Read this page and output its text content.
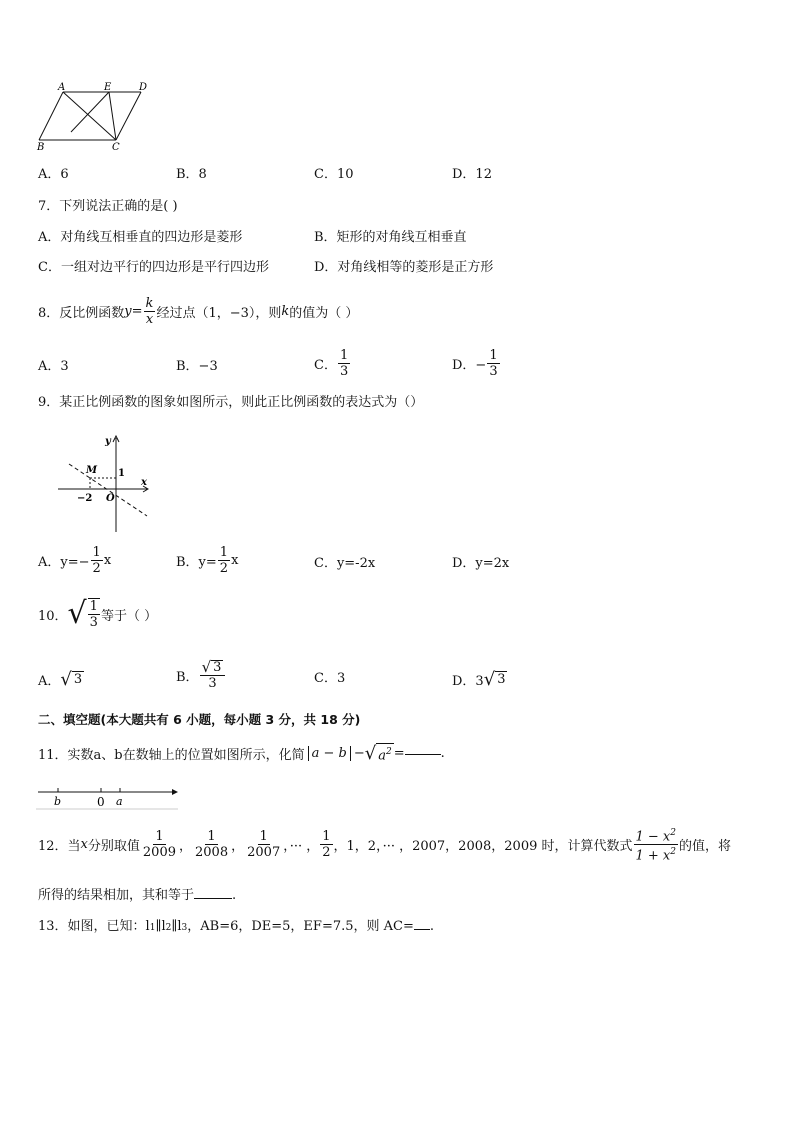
A	E	D
B	C
A．6	B．8	C．10	D．12
7．下列说法正确的是( )
A．对角线互相垂直的四边形是菱形	B．矩形的对角线互相垂直
C．一组对边平行的四边形是平行四边形	D．对角线相等的菱形是正方形
8．反比例函数 $y = \frac{k}{x}$ 经过点（1，−3），则 k 的值为（ ）
A．3	B．−3	C． $\frac{1}{3}$	D．− $\frac{1}{3}$
9．某正比例函数的图象如图所示，则此正比例函数的表达式为（）
y
x
M 1
−2 O
A．$y=- \frac{1}{2}$ x	B．$y= \frac{1}{2}$ x	C．y=-2x	D．y=2x
10． √ $\frac{1}{3}$ 等于（ ）
A． √ 3	B． $\frac{√ 3}{3}$	C．3	D．3 √ 3
二、填空题(本大题共有 6 小题，每小题 3 分，共 18 分)
11．实数a、b在数轴上的位置如图所示，化简 a − b − √ $a^2$ =	.
b	0 a
12．当 x 分别取值 $\frac{1}{2009}$ ， $\frac{1}{2008}$ ， $\frac{1}{2007}$ ，··· ， $\frac{1}{2}$ ，1，2，··· ，2007，2008，2009 时，计算代数式 $\frac{1 - x^2}{1 + x^2}$ 的值，将
所得的结果相加，其和等于	.
13．如图，已知：$l_1$ ∥l 2 ∥l 3 ，AB=6，DE=5，EF=7.5，则 AC= .
